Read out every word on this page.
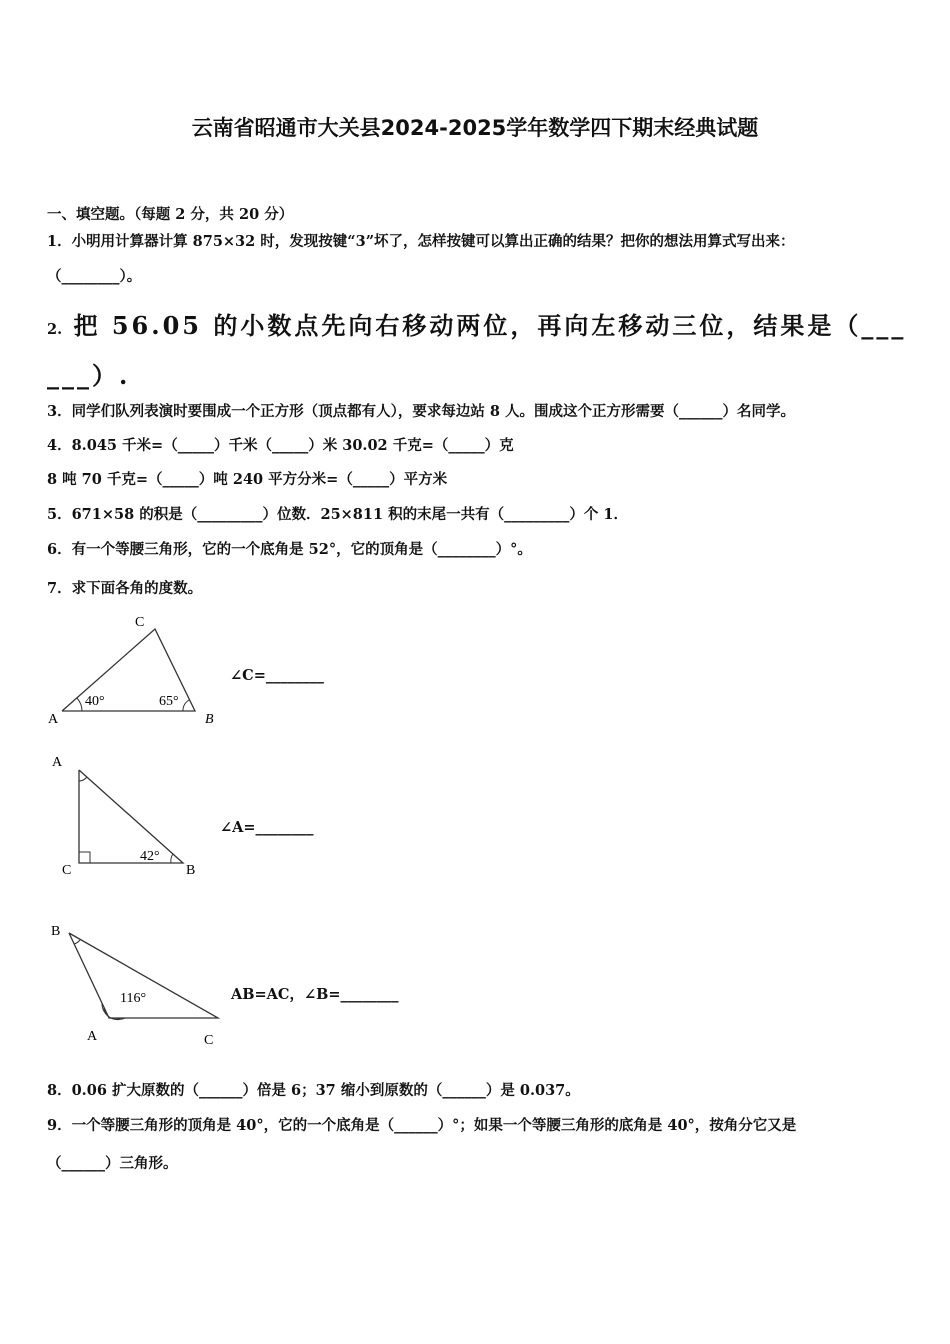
云南省昭通市大关县2024-2025学年数学四下期末经典试题
一、填空题。（每题 2 分，共 20 分）
1．小明用计算器计算 875×32 时，发现按键“3”坏了，怎样按键可以算出正确的结果？把你的想法用算式写出来：
（________）。
2. 把 56.05 的小数点先向右移动两位，再向左移动三位，结果是（___
___）.
3．同学们队列表演时要围成一个正方形（顶点都有人），要求每边站 8 人。围成这个正方形需要（______）名同学。
4．8.045 千米=（_____）千米（_____）米 30.02 千克=（_____）克
8 吨 70 千克=（_____）吨 240 平方分米=（_____）平方米
5．671×58 的积是（_________）位数．25×811 积的末尾一共有（_________）个 1．
6．有一个等腰三角形，它的一个底角是 52°，它的顶角是（________）°。
7．求下面各角的度数。
C
A	B
40°	65°
∠C=________
A
C	B
42°
∠A=________
B
A	C
116°	AB=AC，∠B=________
8．0.06 扩大原数的（______）倍是 6；37 缩小到原数的（______）是 0.037。
9．一个等腰三角形的顶角是 40°，它的一个底角是（______）°；如果一个等腰三角形的底角是 40°，按角分它又是
（______）三角形。
